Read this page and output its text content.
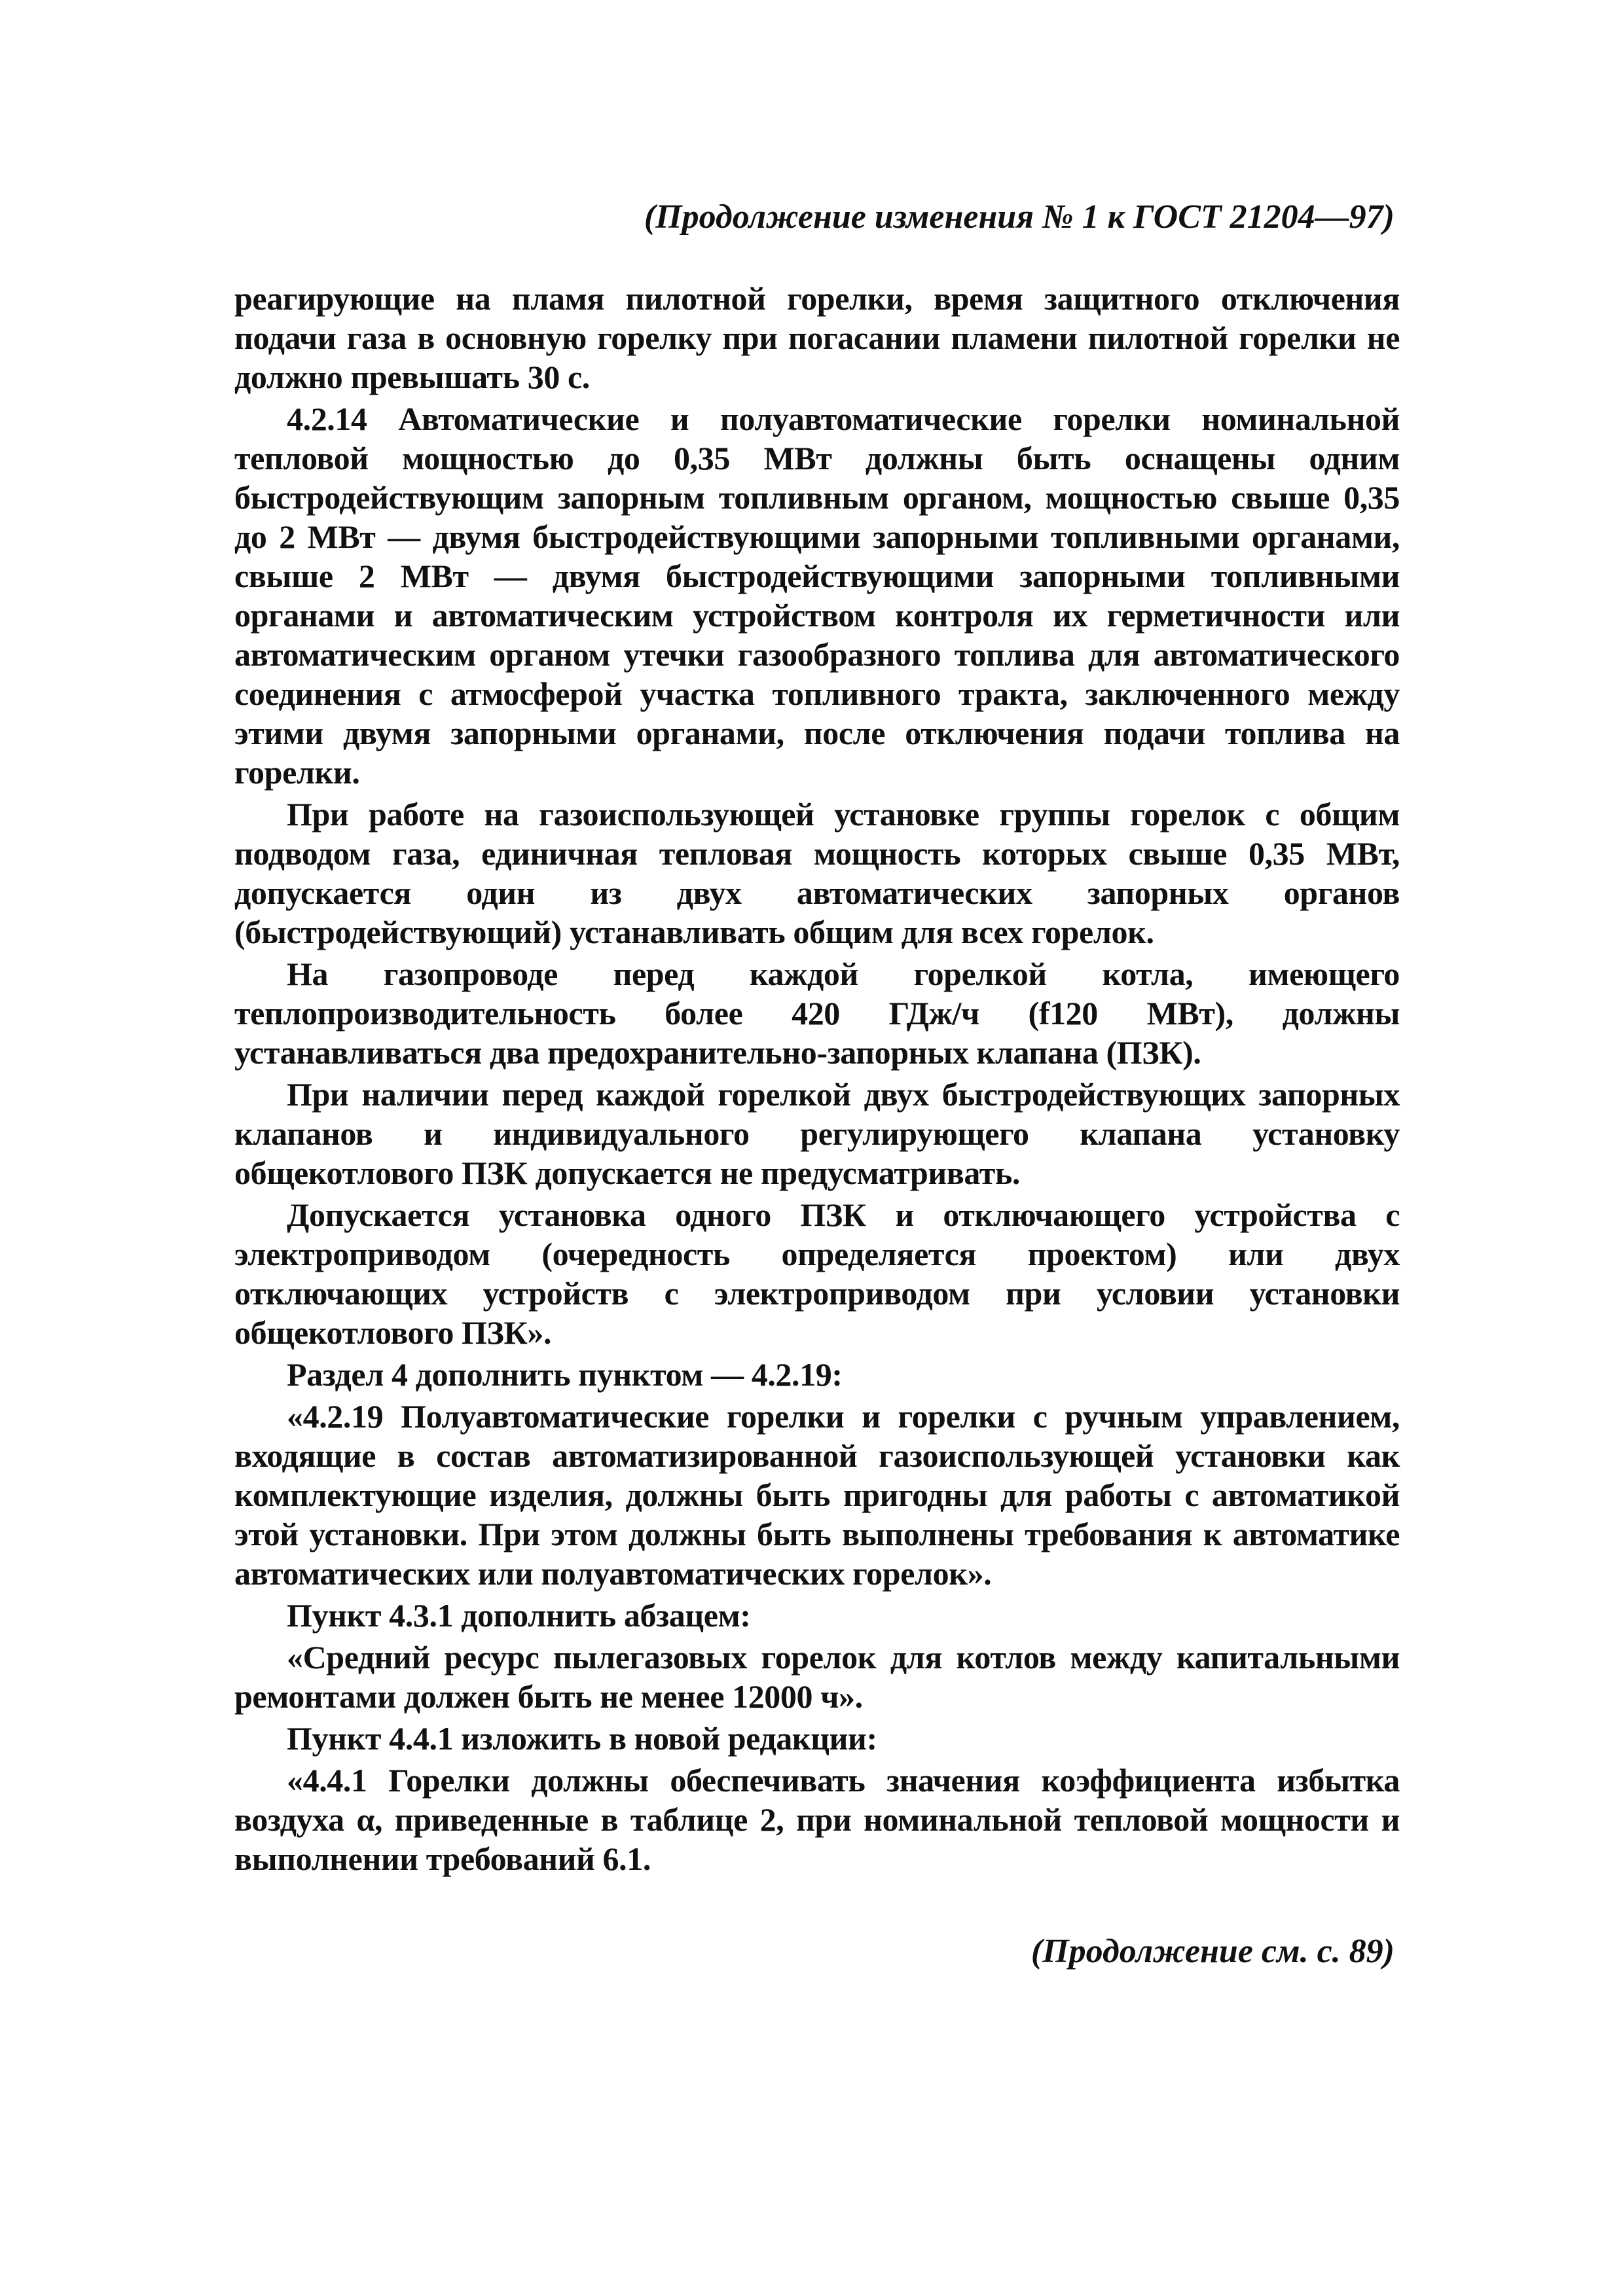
(Продолжение изменения № 1 к ГОСТ 21204—97)

реагирующие на пламя пилотной горелки, время защитного отключения подачи газа в основную горелку при погасании пламени пилотной горелки не должно превышать 30 с.

4.2.14 Автоматические и полуавтоматические горелки номинальной тепловой мощностью до 0,35 МВт должны быть оснащены одним быстродействующим запорным топливным органом, мощностью свыше 0,35 до 2 МВт — двумя быстродействующими запорными топливными органами, свыше 2 МВт — двумя быстродействующими запорными топливными органами и автоматическим устройством контроля их герметичности или автоматическим органом утечки газообразного топлива для автоматического соединения с атмосферой участка топливного тракта, заключенного между этими двумя запорными органами, после отключения подачи топлива на горелки.

При работе на газоиспользующей установке группы горелок с общим подводом газа, единичная тепловая мощность которых свыше 0,35 МВт, допускается один из двух автоматических запорных органов (быстродействующий) устанавливать общим для всех горелок.

На газопроводе перед каждой горелкой котла, имеющего теплопроизводительность более 420 ГДж/ч (f120 МВт), должны устанавливаться два предохранительно-запорных клапана (ПЗК).

При наличии перед каждой горелкой двух быстродействующих запорных клапанов и индивидуального регулирующего клапана установку общекотлового ПЗК допускается не предусматривать.

Допускается установка одного ПЗК и отключающего устройства с электроприводом (очередность определяется проектом) или двух отключающих устройств с электроприводом при условии установки общекотлового ПЗК».

Раздел 4 дополнить пунктом — 4.2.19:

«4.2.19 Полуавтоматические горелки и горелки с ручным управлением, входящие в состав автоматизированной газоиспользующей установки как комплектующие изделия, должны быть пригодны для работы с автоматикой этой установки. При этом должны быть выполнены требования к автоматике автоматических или полуавтоматических горелок».

Пункт 4.3.1 дополнить абзацем:

«Средний ресурс пылегазовых горелок для котлов между капитальными ремонтами должен быть не менее 12000 ч».

Пункт 4.4.1 изложить в новой редакции:

«4.4.1 Горелки должны обеспечивать значения коэффициента избытка воздуха α, приведенные в таблице 2, при номинальной тепловой мощности и выполнении требований 6.1.

(Продолжение см. с. 89)
